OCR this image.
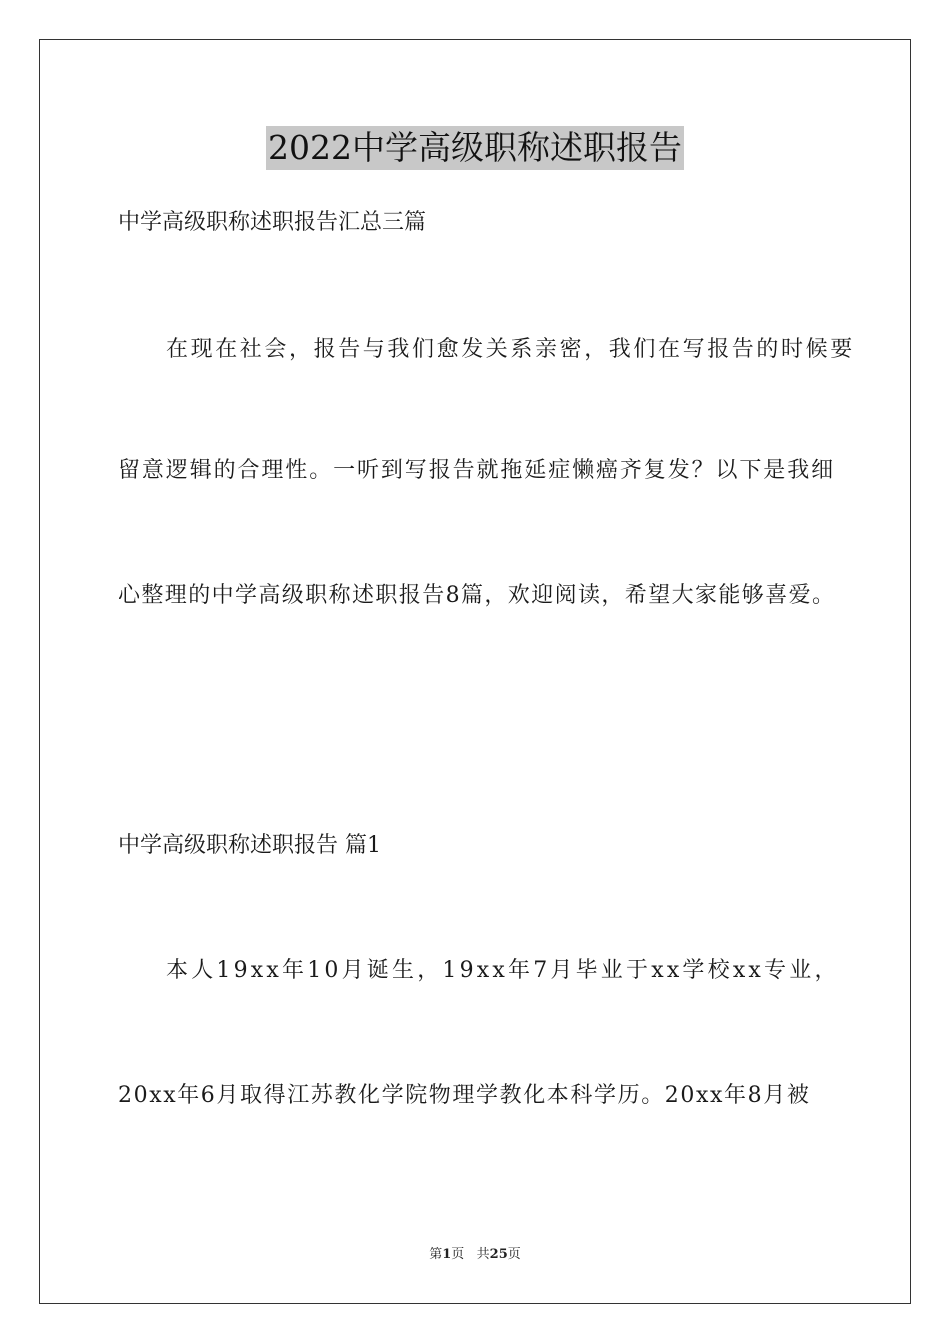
2022中学高级职称述职报告
中学高级职称述职报告汇总三篇
在现在社会，报告与我们愈发关系亲密，我们在写报告的时候要
留意逻辑的合理性。一听到写报告就拖延症懒癌齐复发？以下是我细
心整理的中学高级职称述职报告8篇，欢迎阅读，希望大家能够喜爱。
中学高级职称述职报告 篇1
本人19xx年10月诞生，19xx年7月毕业于xx学校xx专业，
20xx年6月取得江苏教化学院物理学教化本科学历。20xx年8月被
第1页   共25页
